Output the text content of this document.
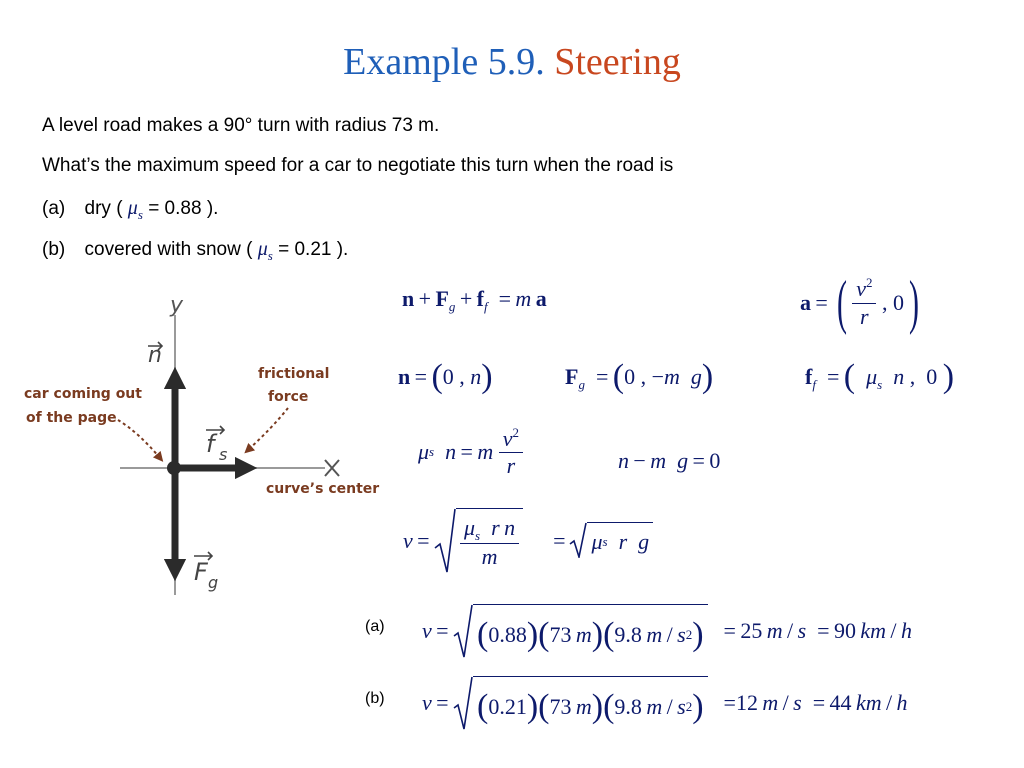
Example 5.9. Steering
A level road makes a 90° turn with radius 73 m.
What’s the maximum speed for a car to negotiate this turn when the road is
(a) dry ( $\mu_s = 0.88$ ).
(b) covered with snow ( $\mu_s = 0.21$ ).
y
n
f s
F g
car coming out
of the page
frictional
force
curve’s center
$n + F_g + f_f = m$  a	a  =  ( $\frac{v^2}{r}$ , 0 )
n = (0 , n)	$F_g = (0$ , −m g)	$f_f$  = ( $\mu_s$ n ,  0 )
μ s
n  =  m
$\frac{v^2}{r}$	n − m g = 0
$v = \frac{\mu_s r n}{m} = \mu$ s
r
g
(a) v  =  ( 0.88 )( 73
  m )( 9.8
  m  /  s 2 ) =
  25
  m  /  s =  90
  km  /  h
(b) v  =  ( 0.21 )( 73
  m )( 9.8
  m  /  s 2 ) = 12
  m  /  s =  44
  km  /  h
